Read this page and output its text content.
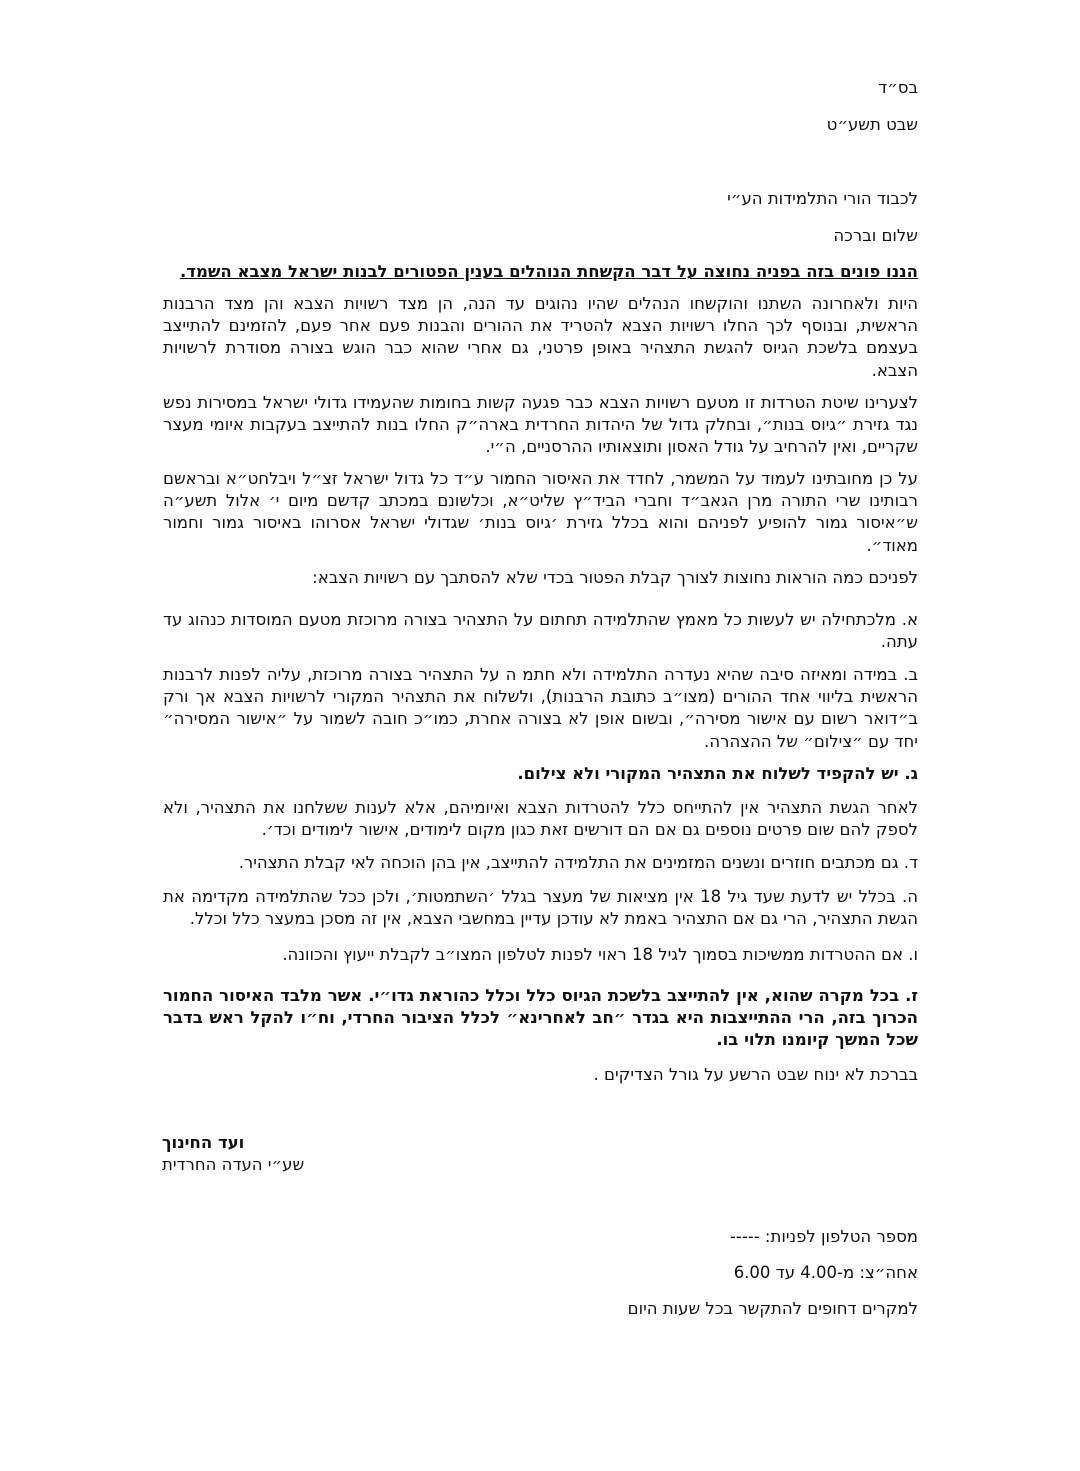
בס״ד
שבט תשע״ט
לכבוד הורי התלמידות הע״י
שלום וברכה
הננו פונים בזה בפניה נחוצה על דבר הקשחת הנוהלים בענין הפטורים לבנות ישראל מצבא השמד.
היות ולאחרונה השתנו והוקשחו הנהלים שהיו נהוגים עד הנה, הן מצד רשויות הצבא והן מצד הרבנות הראשית, ובנוסף לכך החלו רשויות הצבא להטריד את ההורים והבנות פעם אחר פעם, להזמינם להתייצב בעצמם בלשכת הגיוס להגשת התצהיר באופן פרטני, גם אחרי שהוא כבר הוגש בצורה מסודרת לרשויות הצבא.
לצערינו שיטת הטרדות זו מטעם רשויות הצבא כבר פגעה קשות בחומות שהעמידו גדולי ישראל במסירות נפש נגד גזירת ״גיוס בנות״, ובחלק גדול של היהדות החרדית בארה״ק החלו בנות להתייצב בעקבות איומי מעצר שקריים, ואין להרחיב על גודל האסון ותוצאותיו ההרסניים, ה״י.
על כן מחובתינו לעמוד על המשמר, לחדד את האיסור החמור ע״ד כל גדול ישראל זצ״ל ויבלחט״א ובראשם רבותינו שרי התורה מרן הגאב״ד וחברי הביד״ץ שליט״א, וכלשונם במכתב קדשם מיום י׳ אלול תשע״ה ש״איסור גמור להופיע לפניהם והוא בכלל גזירת ׳גיוס בנות׳ שגדולי ישראל אסרוהו באיסור גמור וחמור מאוד״.
לפניכם כמה הוראות נחוצות לצורך קבלת הפטור בכדי שלא להסתבך עם רשויות הצבא:
א. מלכתחילה יש לעשות כל מאמץ שהתלמידה תחתום על התצהיר בצורה מרוכזת מטעם המוסדות כנהוג עד עתה.
ב. במידה ומאיזה סיבה שהיא נעדרה התלמידה ולא חתמ ה על התצהיר בצורה מרוכזת, עליה לפנות לרבנות הראשית בליווי אחד ההורים (מצו״ב כתובת הרבנות), ולשלוח את התצהיר המקורי לרשויות הצבא אך ורק ב״דואר רשום עם אישור מסירה״, ובשום אופן לא בצורה אחרת, כמו״כ חובה לשמור על ״אישור המסירה״ יחד עם ״צילום״ של ההצהרה.
ג. יש להקפיד לשלוח את התצהיר המקורי ולא צילום.
לאחר הגשת התצהיר אין להתייחס כלל להטרדות הצבא ואיומיהם, אלא לענות ששלחנו את התצהיר, ולא לספק להם שום פרטים נוספים גם אם הם דורשים זאת כגון מקום לימודים, אישור לימודים וכד׳.
ד. גם מכתבים חוזרים ונשנים המזמינים את התלמידה להתייצב, אין בהן הוכחה לאי קבלת התצהיר.
ה. בכלל יש לדעת שעד גיל 18 אין מציאות של מעצר בגלל ׳השתמטות׳, ולכן ככל שהתלמידה מקדימה את הגשת התצהיר, הרי גם אם התצהיר באמת לא עודכן עדיין במחשבי הצבא, אין זה מסכן במעצר כלל וכלל.
ו. אם ההטרדות ממשיכות בסמוך לגיל 18 ראוי לפנות לטלפון המצו״ב לקבלת ייעוץ והכוונה.
ז. בכל מקרה שהוא, אין להתייצב בלשכת הגיוס כלל וכלל כהוראת גדו״י. אשר מלבד האיסור החמור הכרוך בזה, הרי ההתייצבות היא בגדר ״חב לאחרינא״ לכלל הציבור החרדי, וח״ו להקל ראש בדבר שכל המשך קיומנו תלוי בו.
בברכת לא ינוח שבט הרשע על גורל הצדיקים .
ועד החינוך
שע״י העדה החרדית
מספר הטלפון לפניות: -----
אחה״צ: מ-4.00 עד 6.00
למקרים דחופים להתקשר בכל שעות היום
